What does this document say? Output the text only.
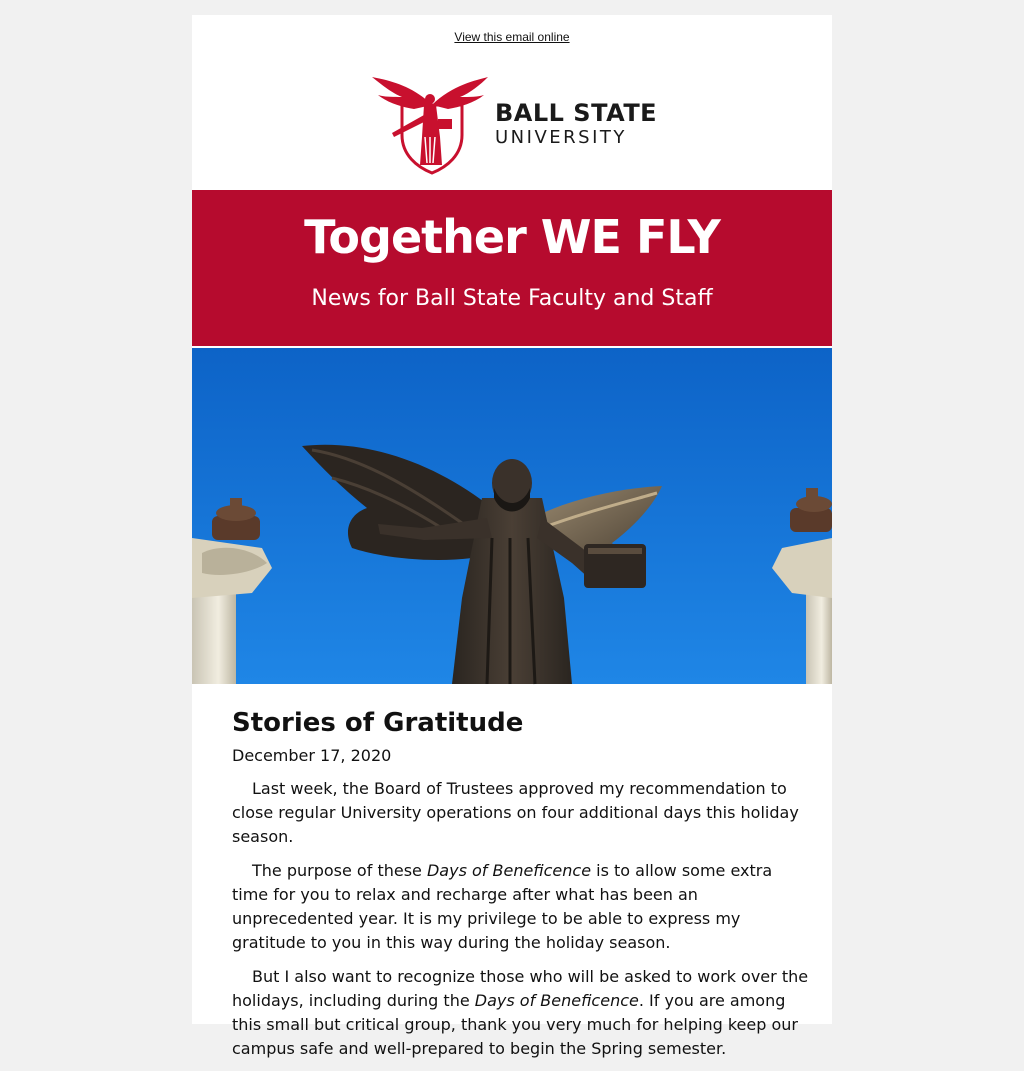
View this email online
BALL STATE
UNIVERSITY
Together WE FLY
News for Ball State Faculty and Staff
Stories of Gratitude
December 17, 2020

Last week, the Board of Trustees approved my recommendation to close regular University operations on four additional days this holiday season.

The purpose of these Days of Beneficence is to allow some extra time for you to relax and recharge after what has been an unprecedented year. It is my privilege to be able to express my gratitude to you in this way during the holiday season.

But I also want to recognize those who will be asked to work over the holidays, including during the Days of Beneficence. If you are among this small but critical group, thank you very much for helping keep our campus safe and well-prepared to begin the Spring semester.
